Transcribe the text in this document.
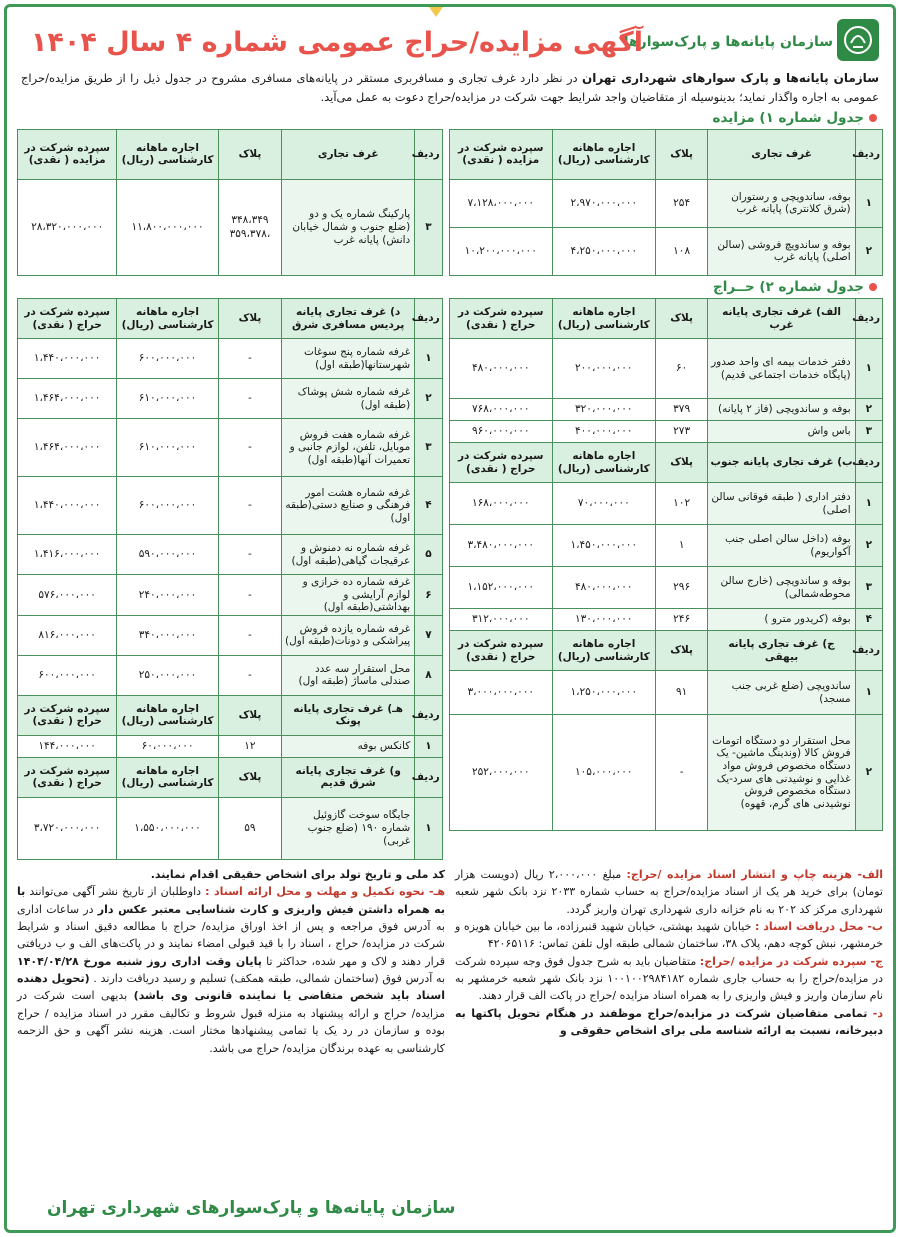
سازمان پایانه‌ها و پارک‌سوارها
آگهی مزایده/حراج عمومی شماره ۴ سال ۱۴۰۴

سازمان پایانه‌ها و پارک سوارهای شهرداری تهران در نظر دارد غرف تجاری و مسافربری مستقر در پایانه‌های مسافری مشروح در جدول ذیل را از طریق مزایده/حراج عمومی به اجاره واگذار نماید؛ بدینوسیله از متقاضیان واجد شرایط جهت شرکت در مزایده/حراج دعوت به عمل می‌آید.

جدول شماره ۱) مزایده
ردیف	غرف تجاری	پلاک	اجاره ماهانه کارشناسی (ریال)	سپرده شرکت در مزایده ( نقدی)
۱	بوفه، ساندویچی و رستوران (شرق کلانتری) پایانه غرب	۲۵۴	۲،۹۷۰،۰۰۰،۰۰۰	۷،۱۲۸،۰۰۰،۰۰۰
۲	بوفه و ساندویچ فروشی (سالن اصلی) پایانه غرب	۱۰۸	۴،۲۵۰،۰۰۰،۰۰۰	۱۰،۲۰۰،۰۰۰،۰۰۰
ردیف	غرف تجاری	پلاک	اجاره ماهانه کارشناسی (ریال)	سپرده شرکت در مزایده ( نقدی)
۳	پارکینگ شماره یک و دو (ضلع جنوب و شمال خیابان دانش) پایانه غرب	۳۴۸،۳۴۹ ۳۵۹،۳۷۸،	۱۱،۸۰۰،۰۰۰،۰۰۰	۲۸،۳۲۰،۰۰۰،۰۰۰
جدول شماره ۲) حــراج
ردیف	الف) غرف تجاری پایانه غرب	پلاک	اجاره ماهانه کارشناسی (ریال)	سپرده شرکت در حراج ( نقدی)
۱	دفتر خدمات بیمه ای واحد صدور (پایگاه خدمات اجتماعی قدیم)	۶۰	۲۰۰،۰۰۰،۰۰۰	۴۸۰،۰۰۰،۰۰۰
۲	بوفه و ساندویچی (فاز ۲ پایانه)	۳۷۹	۳۲۰،۰۰۰،۰۰۰	۷۶۸،۰۰۰،۰۰۰
۳	باس واش	۲۷۳	۴۰۰،۰۰۰،۰۰۰	۹۶۰،۰۰۰،۰۰۰
ردیف	ب) غرف تجاری پایانه جنوب	پلاک	اجاره ماهانه کارشناسی (ریال)	سپرده شرکت در حراج ( نقدی)
۱	دفتر اداری ( طبقه فوقانی سالن اصلی)	۱۰۲	۷۰،۰۰۰،۰۰۰	۱۶۸،۰۰۰،۰۰۰
۲	بوفه (داخل سالن اصلی جنب آکواریوم)	۱	۱،۴۵۰،۰۰۰،۰۰۰	۳،۴۸۰،۰۰۰،۰۰۰
۳	بوفه و ساندویچی (خارج سالن محوطه‌شمالی)	۲۹۶	۴۸۰،۰۰۰،۰۰۰	۱،۱۵۲،۰۰۰،۰۰۰
۴	بوفه (کریدور مترو )	۲۴۶	۱۳۰،۰۰۰،۰۰۰	۳۱۲،۰۰۰،۰۰۰
ردیف	ج) غرف تجاری پایانه بیهقی	پلاک	اجاره ماهانه کارشناسی (ریال)	سپرده شرکت در حراج ( نقدی)
۱	ساندویچی (ضلع غربی جنب مسجد)	۹۱	۱،۲۵۰،۰۰۰،۰۰۰	۳،۰۰۰،۰۰۰،۰۰۰
۲	محل استقرار دو دستگاه اتومات فروش کالا (وندینگ ماشین- یک دستگاه مخصوص فروش مواد غذایی و نوشیدنی های سرد-یک دستگاه مخصوص فروش نوشیدنی های گرم، قهوه)	-	۱۰۵،۰۰۰،۰۰۰	۲۵۲،۰۰۰،۰۰۰
ردیف	د) غرف تجاری پایانه پردیس مسافری شرق	پلاک	اجاره ماهانه کارشناسی (ریال)	سپرده شرکت در حراج ( نقدی)
۱	غرفه شماره پنج سوغات شهرستانها(طبقه اول)	-	۶۰۰،۰۰۰،۰۰۰	۱،۴۴۰،۰۰۰،۰۰۰
۲	غرفه شماره شش پوشاک (طبقه اول)	-	۶۱۰،۰۰۰،۰۰۰	۱،۴۶۴،۰۰۰،۰۰۰
۳	غرفه شماره هفت فروش موبایل، تلفن، لوازم جانبی و تعمیرات آنها(طبقه اول)	-	۶۱۰،۰۰۰،۰۰۰	۱،۴۶۴،۰۰۰،۰۰۰
۴	غرفه شماره هشت امور فرهنگی و صنایع دستی(طبقه اول)	-	۶۰۰،۰۰۰،۰۰۰	۱،۴۴۰،۰۰۰،۰۰۰
۵	غرفه شماره نه دمنوش و عرقیجات گیاهی(طبقه اول)	-	۵۹۰،۰۰۰،۰۰۰	۱،۴۱۶،۰۰۰،۰۰۰
۶	غرفه شماره ده خرازی و لوازم آرایشی و بهداشتی(طبقه اول)	-	۲۴۰،۰۰۰،۰۰۰	۵۷۶،۰۰۰،۰۰۰
۷	غرفه شماره یازده فروش پیراشکی و دونات(طبقه اول)	-	۳۴۰،۰۰۰،۰۰۰	۸۱۶،۰۰۰،۰۰۰
۸	محل استقرار سه عدد صندلی ماساژ (طبقه اول)	-	۲۵۰،۰۰۰،۰۰۰	۶۰۰،۰۰۰،۰۰۰
ردیف	هـ) غرف تجاری پایانه پونک	پلاک	اجاره ماهانه کارشناسی (ریال)	سپرده شرکت در حراج ( نقدی)
۱	کانکس بوفه	۱۲	۶۰،۰۰۰،۰۰۰	۱۴۴،۰۰۰،۰۰۰
ردیف	و) غرف تجاری پایانه شرق قدیم	پلاک	اجاره ماهانه کارشناسی (ریال)	سپرده شرکت در حراج ( نقدی)
۱	جایگاه سوخت گازوئیل شماره ۱۹۰ (ضلع جنوب غربی)	۵۹	۱،۵۵۰،۰۰۰،۰۰۰	۳،۷۲۰،۰۰۰،۰۰۰

الف- هزینه چاپ و انتشار اسناد مزایده /حراج: مبلغ ۲،۰۰۰،۰۰۰ ریال (دویست هزار تومان) برای خرید هر یک از اسناد مزایده/حراج به حساب شماره ۲۰۳۳ نزد بانک شهر شعبه شهرداری مرکز کد ۲۰۲ به نام خزانه داری شهرداری تهران واریز گردد.

ب- محل دریافت اسناد : خیابان شهید بهشتی، خیابان شهید قنبرزاده، ما بین خیابان هویزه و خرمشهر، نبش کوچه دهم، پلاک ۳۸، ساختمان شمالی طبقه اول تلفن تماس: ۴۲۰۶۵۱۱۶

ج- سپرده شرکت در مزایده /حراج: متقاضیان باید به شرح جدول فوق وجه سپرده شرکت در مزایده/حراج را به حساب جاری شماره ۱۰۰۱۰۰۲۹۸۴۱۸۲ نزد بانک شهر شعبه خرمشهر به نام سازمان واریز و فیش واریزی را به همراه اسناد مزایده /حراج در پاکت الف قرار دهند.

د- تمامی متقاضیان شرکت در مزایده/حراج موظفند در هنگام تحویل پاکتها به دبیرخانه، نسبت به ارائه شناسه ملی برای اشخاص حقوقی و

کد ملی و تاریخ تولد برای اشخاص حقیقی اقدام نمایند.

هـ- نحوه تکمیل و مهلت و محل ارائه اسناد : داوطلبان از تاریخ نشر آگهی می‌توانند با به همراه داشتن فیش واریزی و کارت شناسایی معتبر عکس دار در ساعات اداری به آدرس فوق مراجعه و پس از اخذ اوراق مزایده/ حراج با مطالعه دقیق اسناد و شرایط شرکت در مزایده/ حراج ، اسناد را با قید قبولی امضاء نمایند و در پاکت‌های الف و ب دریافتی قرار دهند و لاک و مهر شده، حداکثر تا پایان وقت اداری روز شنبه مورخ ۱۴۰۴/۰۴/۲۸ به آدرس فوق (ساختمان شمالی، طبقه همکف) تسلیم و رسید دریافت دارند . (تحویل دهنده اسناد باید شخص متقاضی یا نماینده قانونی وی باشد) بدیهی است شرکت در مزایده/ حراج و ارائه پیشنهاد به منزله قبول شروط و تکالیف مقرر در اسناد مزایده / حراج بوده و سازمان در رد یک یا تمامی پیشنهادها مختار است. هزینه نشر آگهی و حق الزحمه کارشناسی به عهده برندگان مزایده/ حراج می باشد.

سازمان پایانه‌ها و پارک‌سوارهای شهرداری تهران
